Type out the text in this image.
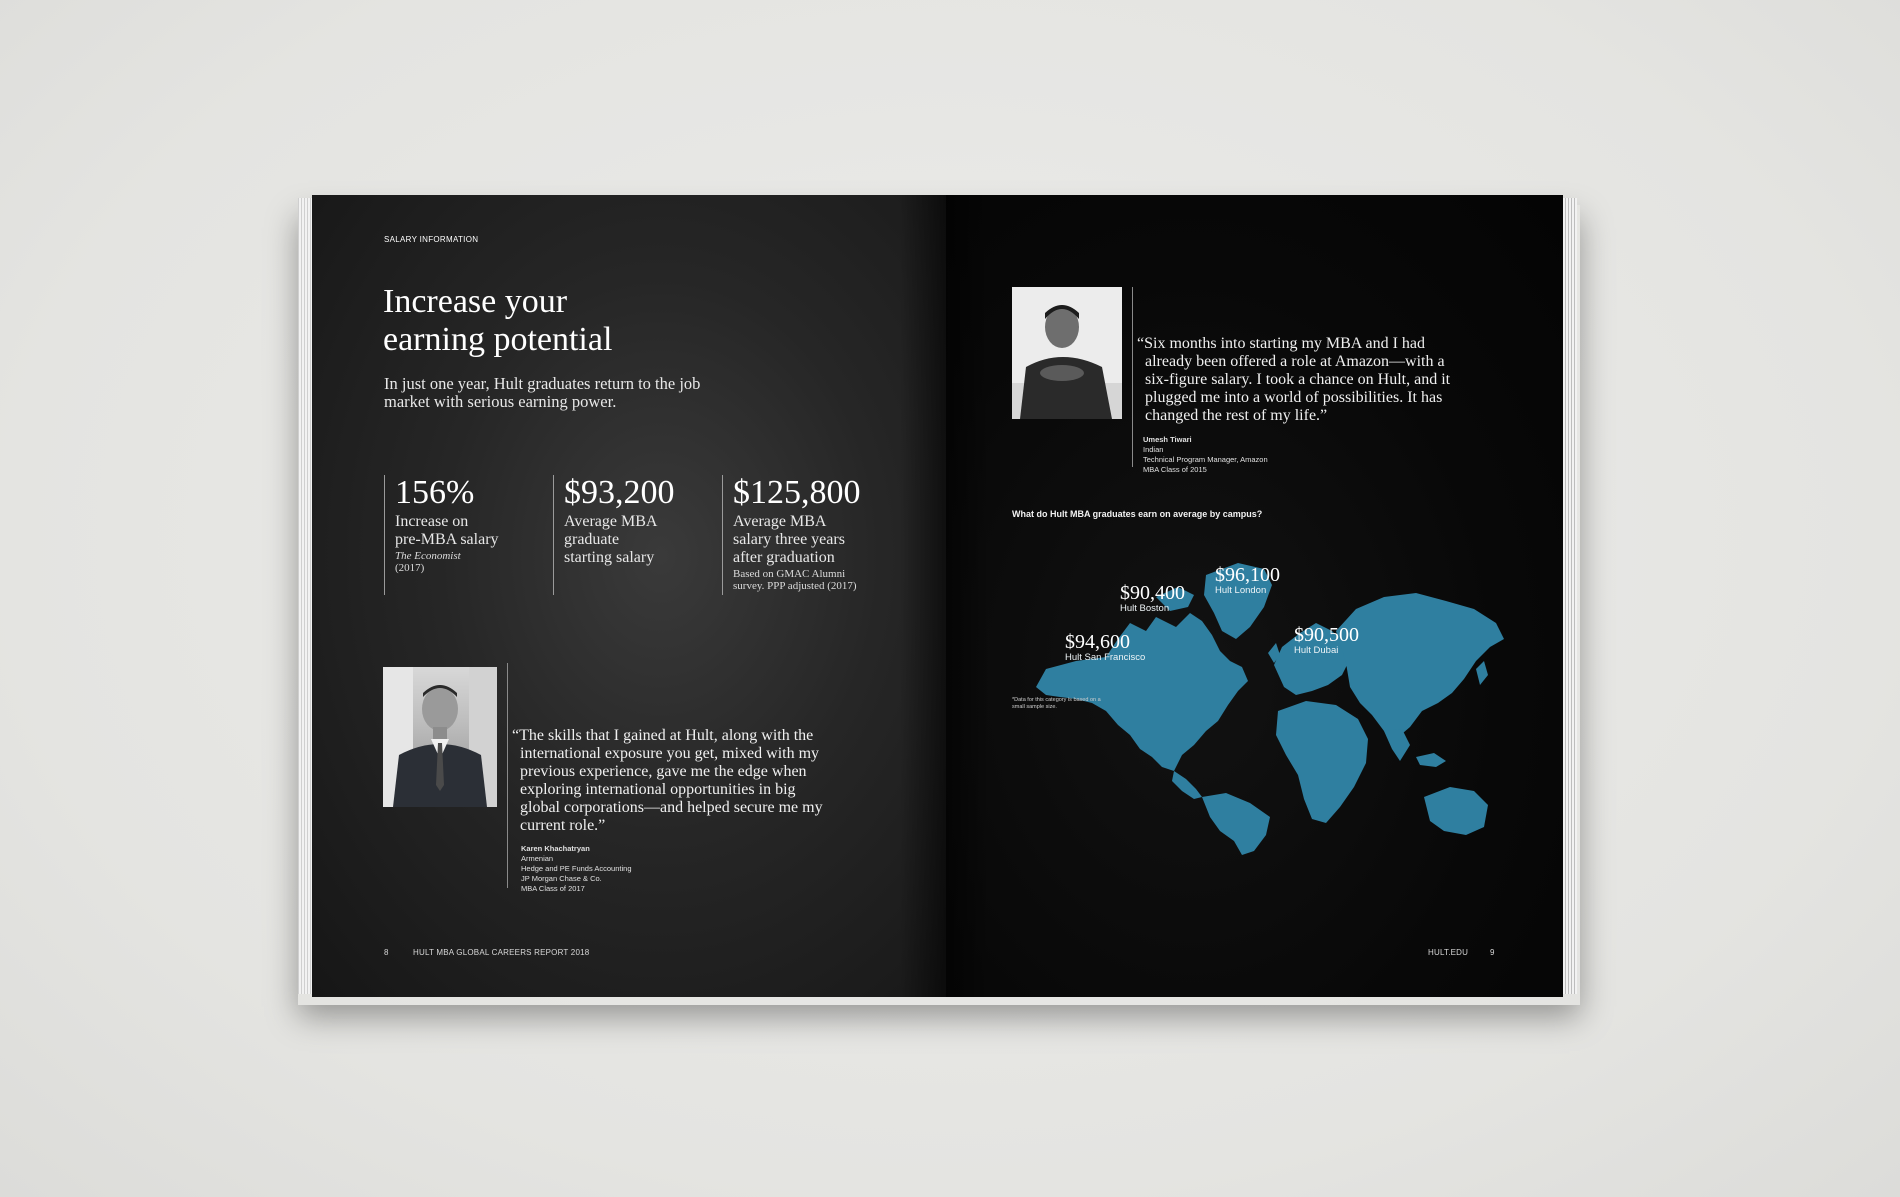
SALARY INFORMATION
Increase your
earning potential
In just one year, Hult graduates return to the job
market with serious earning power.
156%
Increase on
pre-MBA salary
The Economist
(2017)
$93,200
Average MBA
graduate
starting salary
$125,800
Average MBA
salary three years
after graduation
Based on GMAC Alumni
survey. PPP adjusted (2017)
“The skills that I gained at Hult, along with the
international exposure you get, mixed with my
previous experience, gave me the edge when
exploring international opportunities in big
global corporations—and helped secure me my
current role.”
Karen Khachatryan
Armenian
Hedge and PE Funds Accounting
JP Morgan Chase & Co.
MBA Class of 2017
8	HULT MBA GLOBAL CAREERS REPORT 2018
“Six months into starting my MBA and I had
already been offered a role at Amazon—with a
six-figure salary. I took a chance on Hult, and it
plugged me into a world of possibilities. It has
changed the rest of my life.”
Umesh Tiwari
Indian
Technical Program Manager, Amazon
MBA Class of 2015
What do Hult MBA graduates earn on average by campus?
$90,400
Hult Boston
$96,100
Hult London
$94,600
Hult San Francisco
$90,500
Hult Dubai
*Data for this category is based on a
small sample size.
HULT.EDU	9
